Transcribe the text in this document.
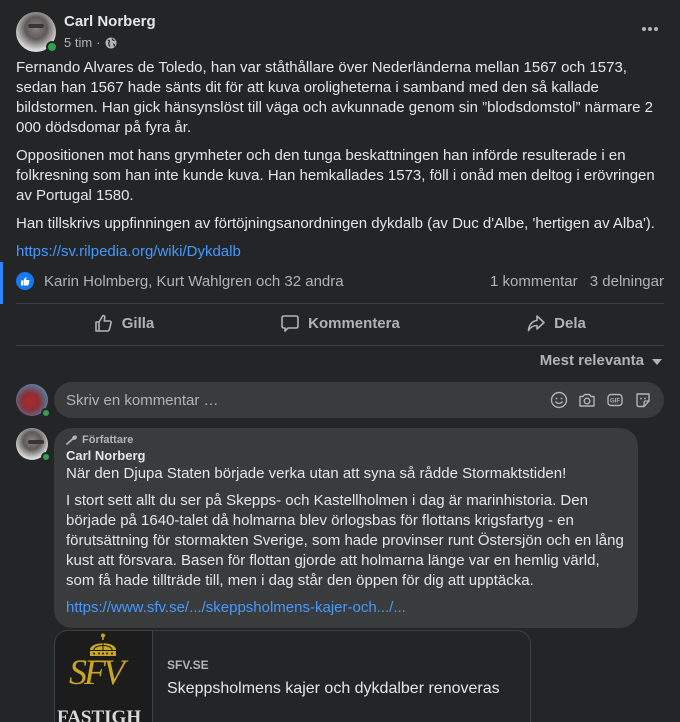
Carl Norberg
5 tim ·

Fernando Alvares de Toledo, han var ståthållare över Nederländerna mellan 1567 och 1573, sedan han 1567 hade sänts dit för att kuva oroligheterna i samband med den så kallade bildstormen. Han gick hänsynslöst till väga och avkunnade genom sin ”blodsdomstol” närmare 2 000 dödsdomar på fyra år.

Oppositionen mot hans grymheter och den tunga beskattningen han införde resulterade i en folkresning som han inte kunde kuva. Han hemkallades 1573, föll i onåd men deltog i erövringen av Portugal 1580.

Han tillskrivs uppfinningen av förtöjningsanordningen dykdalb (av Duc d'Albe, 'hertigen av Alba').

https://sv.rilpedia.org/wiki/Dykdalb
Karin Holmberg, Kurt Wahlgren och 32 andra	1 kommentar 3 delningar
Gilla	Kommentera	Dela
Mest relevanta
Skriv en kommentar …
GIF
Författare
Carl Norberg

När den Djupa Staten började verka utan att syna så rådde Stormaktstiden!

I stort sett allt du ser på Skepps- och Kastellholmen i dag är marinhistoria. Den började på 1640-talet då holmarna blev örlogsbas för flottans krigsfartyg - en förutsättning för stormakten Sverige, som hade provinser runt Östersjön och en lång kust att försvara. Basen för flottan gjorde att holmarna länge var en hemlig värld, som få hade tillträde till, men i dag står den öppen för dig att upptäcka.

https://www.sfv.se/.../skeppsholmens-kajer-och.../...
SFV
FASTIGH
SFV.SE
Skeppsholmens kajer och dykdalber renoveras
